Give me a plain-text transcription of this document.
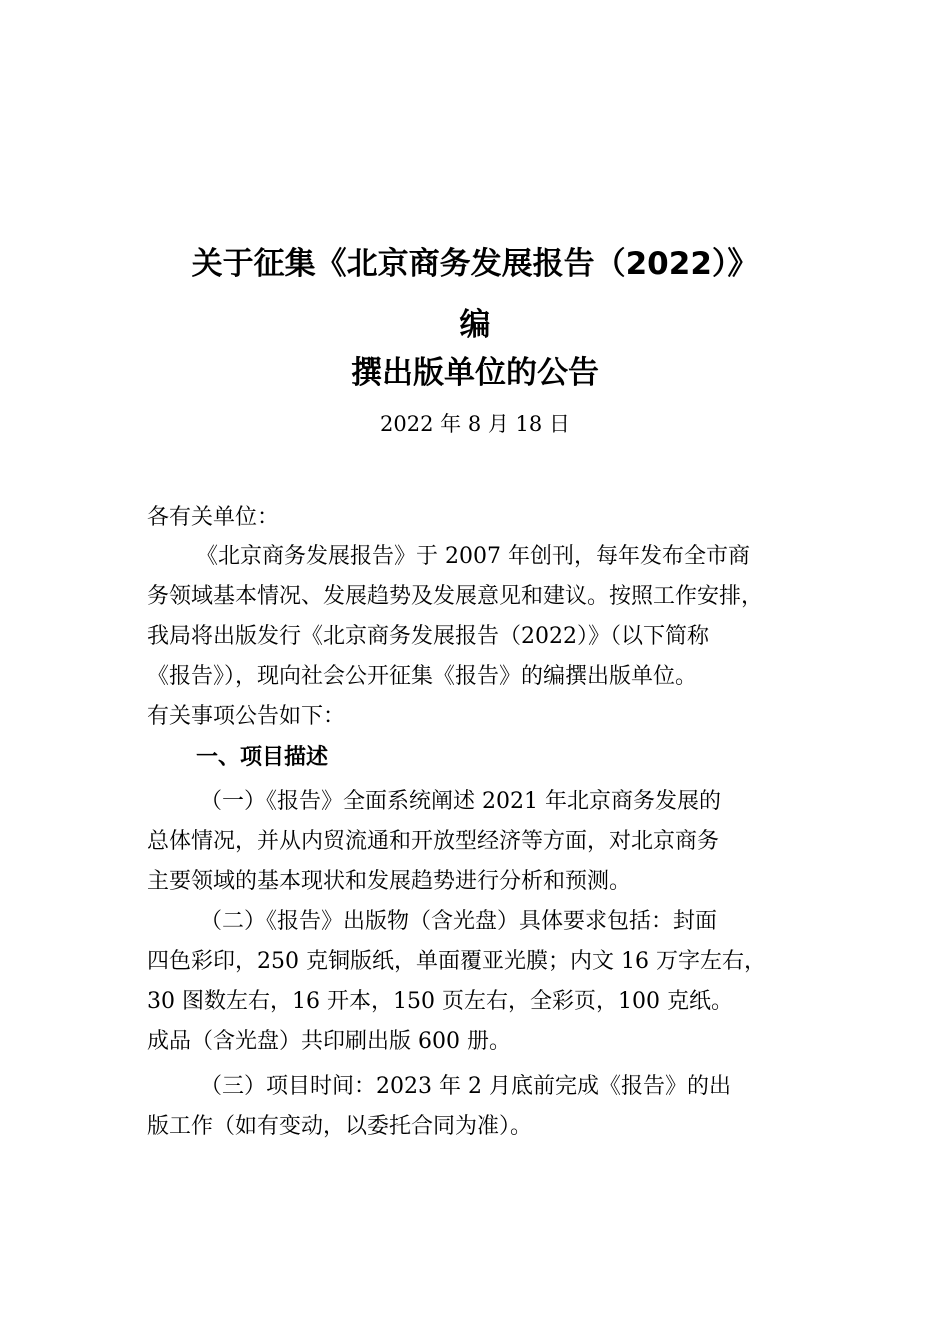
关于征集《北京商务发展报告（2022）》
编
撰出版单位的公告
2022 年 8 月 18 日
各有关单位：
《北京商务发展报告》于 2007 年创刊，每年发布全市商
务领域基本情况、发展趋势及发展意见和建议。按照工作安排，
我局将出版发行《北京商务发展报告（2022）》（以下简称
《报告》），现向社会公开征集《报告》的编撰出版单位。
有关事项公告如下：
一、项目描述
（一）《报告》全面系统阐述 2021 年北京商务发展的
总体情况，并从内贸流通和开放型经济等方面，对北京商务
主要领域的基本现状和发展趋势进行分析和预测。
（二）《报告》出版物（含光盘）具体要求包括：封面
四色彩印，250 克铜版纸，单面覆亚光膜；内文 16 万字左右，
30 图数左右，16 开本，150 页左右，全彩页，100 克纸。
成品（含光盘）共印刷出版 600 册。
（三）项目时间：2023 年 2 月底前完成《报告》的出
版工作（如有变动，以委托合同为准）。
